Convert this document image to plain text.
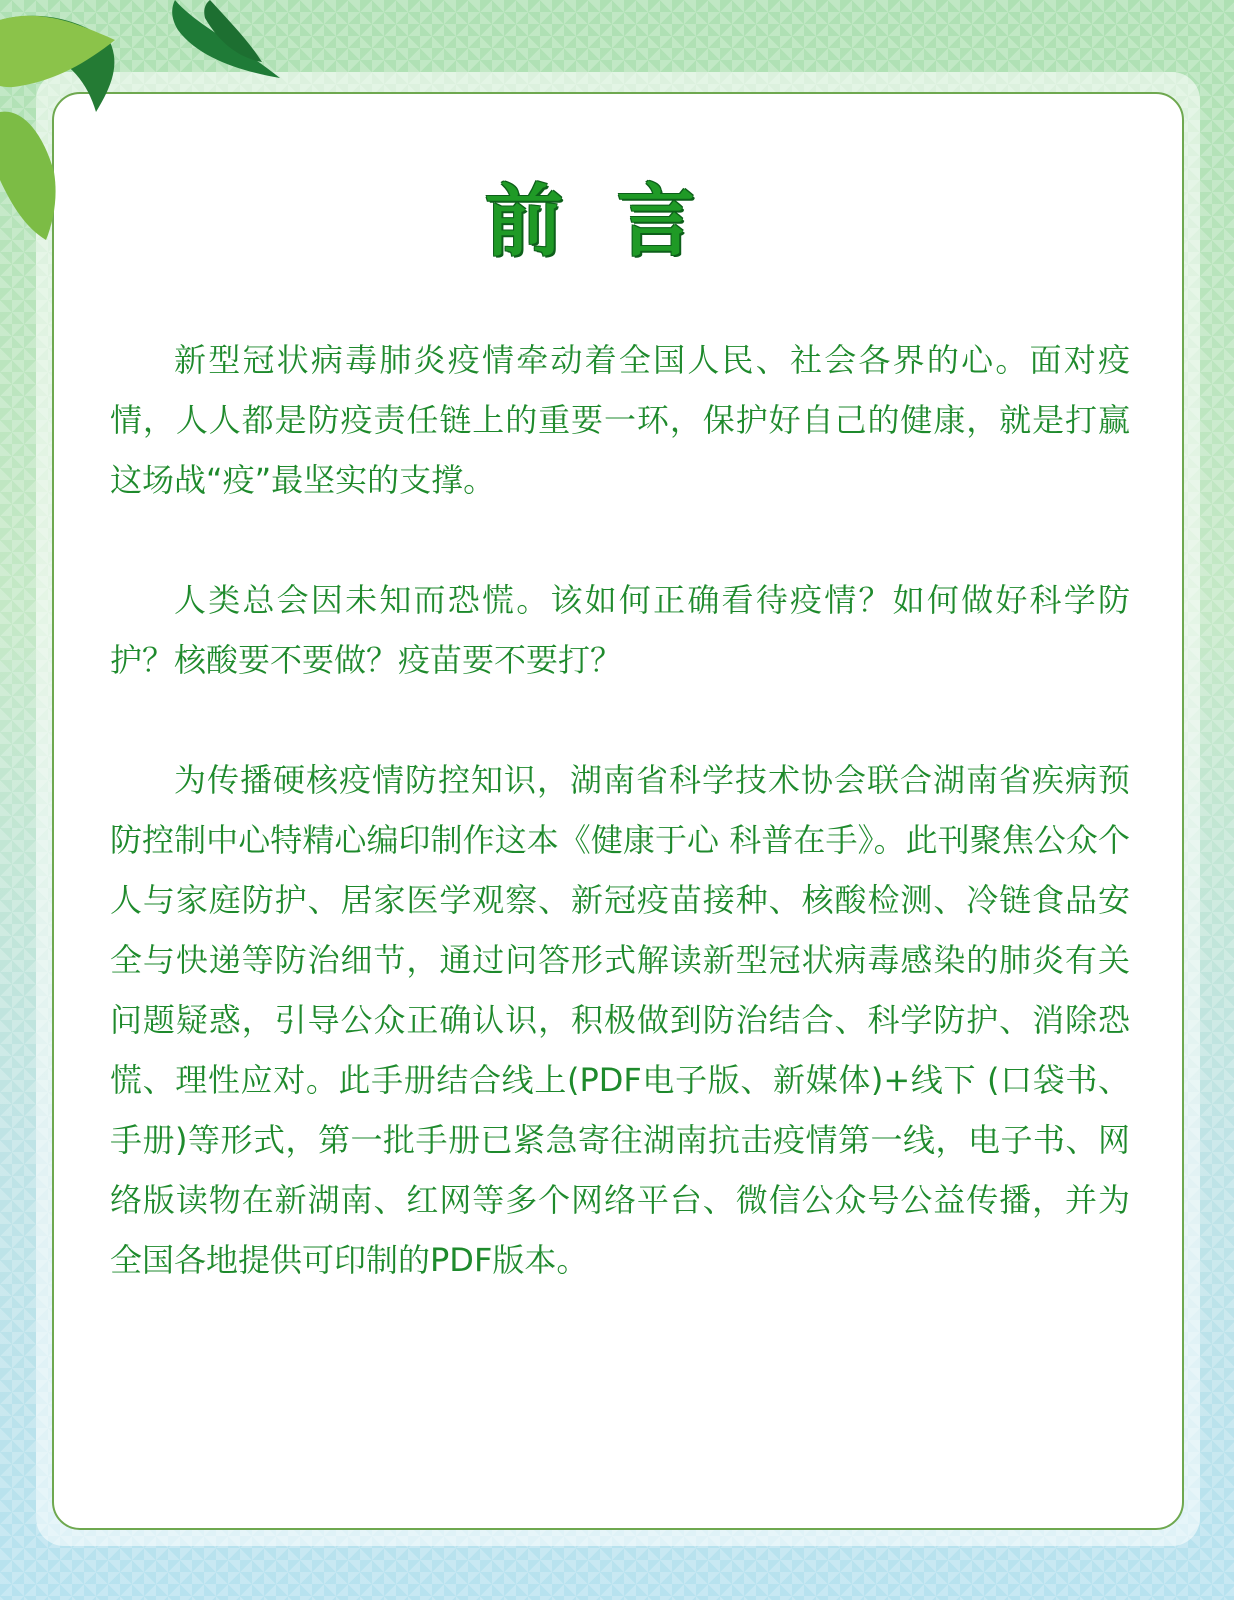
前言

新型冠状病毒肺炎疫情牵动着全国人民、社会各界的心。面对疫情，人人都是防疫责任链上的重要一环，保护好自己的健康，就是打赢这场战“疫”最坚实的支撑。

人类总会因未知而恐慌。该如何正确看待疫情？如何做好科学防护？核酸要不要做？疫苗要不要打？

为传播硬核疫情防控知识，湖南省科学技术协会联合湖南省疾病预防控制中心特精心编印制作这本《健康于心 科普在手》。此刊聚焦公众个人与家庭防护、居家医学观察、新冠疫苗接种、核酸检测、冷链食品安全与快递等防治细节，通过问答形式解读新型冠状病毒感染的肺炎有关问题疑惑，引导公众正确认识，积极做到防治结合、科学防护、消除恐慌、理性应对。此手册结合线上(PDF电子版、新媒体)+线下 (口袋书、手册)等形式，第一批手册已紧急寄往湖南抗击疫情第一线，电子书、网络版读物在新湖南、红网等多个网络平台、微信公众号公益传播，并为全国各地提供可印制的PDF版本。
